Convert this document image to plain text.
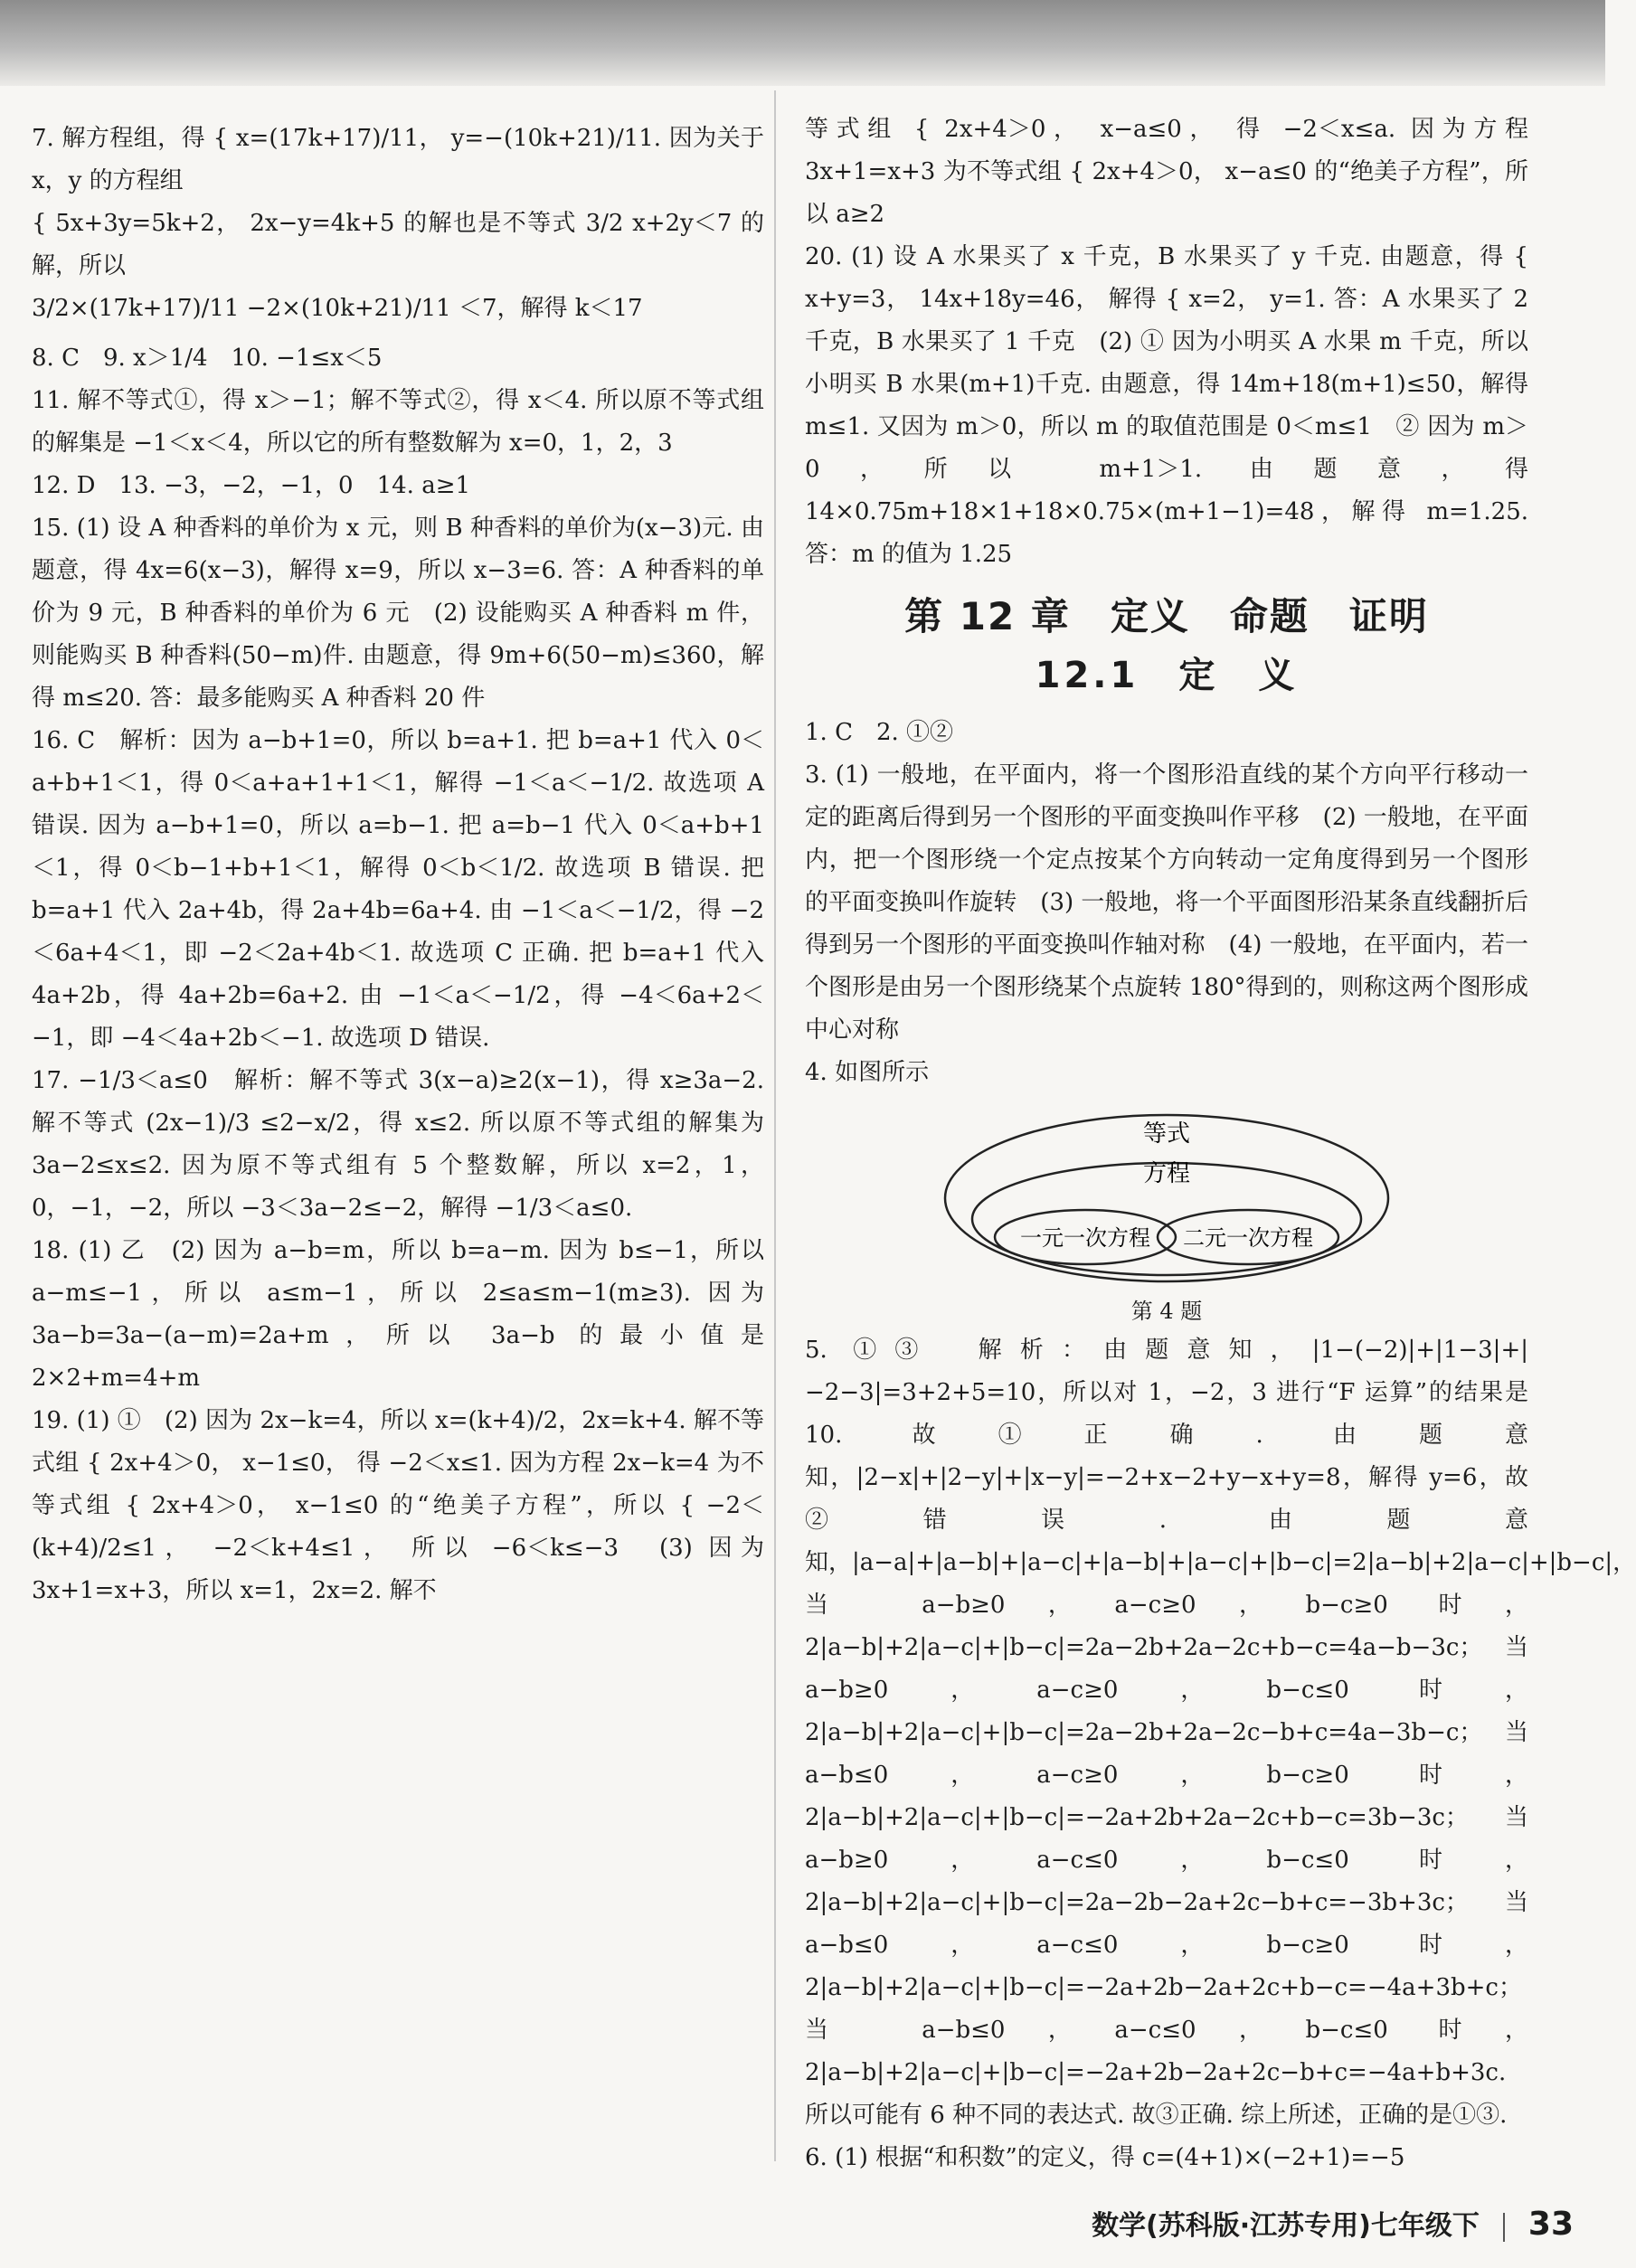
7. 解方程组，得 { x=(17k+17)/11， y=−(10k+21)/11. 因为关于 x，y 的方程组

{ 5x+3y=5k+2， 2x−y=4k+5 的解也是不等式 3/2 x+2y＜7 的解，所以

3/2×(17k+17)/11 −2×(10k+21)/11 ＜7，解得 k＜17

8. C　9. x＞1/4　10. −1≤x＜5

11. 解不等式①，得 x＞−1；解不等式②，得 x＜4. 所以原不等式组的解集是 −1＜x＜4，所以它的所有整数解为 x=0，1，2，3

12. D　13. −3，−2，−1，0　14. a≥1

15. (1) 设 A 种香料的单价为 x 元，则 B 种香料的单价为(x−3)元. 由题意，得 4x=6(x−3)，解得 x=9，所以 x−3=6. 答：A 种香料的单价为 9 元，B 种香料的单价为 6 元　(2) 设能购买 A 种香料 m 件，则能购买 B 种香料(50−m)件. 由题意，得 9m+6(50−m)≤360，解得 m≤20. 答：最多能购买 A 种香料 20 件

16. C　解析：因为 a−b+1=0，所以 b=a+1. 把 b=a+1 代入 0＜a+b+1＜1，得 0＜a+a+1+1＜1，解得 −1＜a＜−1/2. 故选项 A 错误. 因为 a−b+1=0，所以 a=b−1. 把 a=b−1 代入 0＜a+b+1＜1，得 0＜b−1+b+1＜1，解得 0＜b＜1/2. 故选项 B 错误. 把 b=a+1 代入 2a+4b，得 2a+4b=6a+4. 由 −1＜a＜−1/2，得 −2＜6a+4＜1，即 −2＜2a+4b＜1. 故选项 C 正确. 把 b=a+1 代入 4a+2b，得 4a+2b=6a+2. 由 −1＜a＜−1/2，得 −4＜6a+2＜−1，即 −4＜4a+2b＜−1. 故选项 D 错误.

17. −1/3＜a≤0　解析：解不等式 3(x−a)≥2(x−1)，得 x≥3a−2. 解不等式 (2x−1)/3 ≤2−x/2，得 x≤2. 所以原不等式组的解集为 3a−2≤x≤2. 因为原不等式组有 5 个整数解，所以 x=2，1，0，−1，−2，所以 −3＜3a−2≤−2，解得 −1/3＜a≤0.

18. (1) 乙　(2) 因为 a−b=m，所以 b=a−m. 因为 b≤−1，所以 a−m≤−1，所以 a≤m−1，所以 2≤a≤m−1(m≥3). 因为 3a−b=3a−(a−m)=2a+m，所以 3a−b 的最小值是 2×2+m=4+m

19. (1) ①　(2) 因为 2x−k=4，所以 x=(k+4)/2，2x=k+4. 解不等式组 { 2x+4＞0， x−1≤0， 得 −2＜x≤1. 因为方程 2x−k=4 为不等式组 { 2x+4＞0， x−1≤0 的“绝美子方程”，所以 { −2＜(k+4)/2≤1， −2＜k+4≤1， 所以 −6＜k≤−3　(3) 因为 3x+1=x+3，所以 x=1，2x=2. 解不

等式组 { 2x+4＞0， x−a≤0， 得 −2＜x≤a. 因为方程 3x+1=x+3 为不等式组 { 2x+4＞0， x−a≤0 的“绝美子方程”，所以 a≥2

20. (1) 设 A 水果买了 x 千克，B 水果买了 y 千克. 由题意，得 { x+y=3， 14x+18y=46， 解得 { x=2， y=1. 答：A 水果买了 2 千克，B 水果买了 1 千克　(2) ① 因为小明买 A 水果 m 千克，所以小明买 B 水果(m+1)千克. 由题意，得 14m+18(m+1)≤50，解得 m≤1. 又因为 m＞0，所以 m 的取值范围是 0＜m≤1　② 因为 m＞0，所以 m+1＞1. 由题意，得 14×0.75m+18×1+18×0.75×(m+1−1)=48，解得 m=1.25. 答：m 的值为 1.25

第 12 章　定义　命题　证明
12.1　定　义

1. C　2. ①②

3. (1) 一般地，在平面内，将一个图形沿直线的某个方向平行移动一定的距离后得到另一个图形的平面变换叫作平移　(2) 一般地，在平面内，把一个图形绕一个定点按某个方向转动一定角度得到另一个图形的平面变换叫作旋转　(3) 一般地，将一个平面图形沿某条直线翻折后得到另一个图形的平面变换叫作轴对称　(4) 一般地，在平面内，若一个图形是由另一个图形绕某个点旋转 180°得到的，则称这两个图形成中心对称

4. 如图所示

等式
方程
一元一次方程 二元一次方程
第 4 题

5. ①③　解析：由题意知，|1−(−2)|+|1−3|+|−2−3|=3+2+5=10，所以对 1，−2，3 进行“F 运算”的结果是 10. 故①正确. 由题意知，|2−x|+|2−y|+|x−y|=−2+x−2+y−x+y=8，解得 y=6，故②错误. 由题意知，|a−a|+|a−b|+|a−c|+|a−b|+|a−c|+|b−c|=2|a−b|+2|a−c|+|b−c|，当 a−b≥0，a−c≥0，b−c≥0 时，2|a−b|+2|a−c|+|b−c|=2a−2b+2a−2c+b−c=4a−b−3c；当 a−b≥0，a−c≥0，b−c≤0 时，2|a−b|+2|a−c|+|b−c|=2a−2b+2a−2c−b+c=4a−3b−c；当 a−b≤0，a−c≥0，b−c≥0 时，2|a−b|+2|a−c|+|b−c|=−2a+2b+2a−2c+b−c=3b−3c；当 a−b≥0，a−c≤0，b−c≤0 时，2|a−b|+2|a−c|+|b−c|=2a−2b−2a+2c−b+c=−3b+3c；当 a−b≤0，a−c≤0，b−c≥0 时，2|a−b|+2|a−c|+|b−c|=−2a+2b−2a+2c+b−c=−4a+3b+c；当 a−b≤0，a−c≤0，b−c≤0 时，2|a−b|+2|a−c|+|b−c|=−2a+2b−2a+2c−b+c=−4a+b+3c. 所以可能有 6 种不同的表达式. 故③正确. 综上所述，正确的是①③.

6. (1) 根据“和积数”的定义，得 c=(4+1)×(−2+1)=−5

数学(苏科版·江苏专用)七年级下 33
